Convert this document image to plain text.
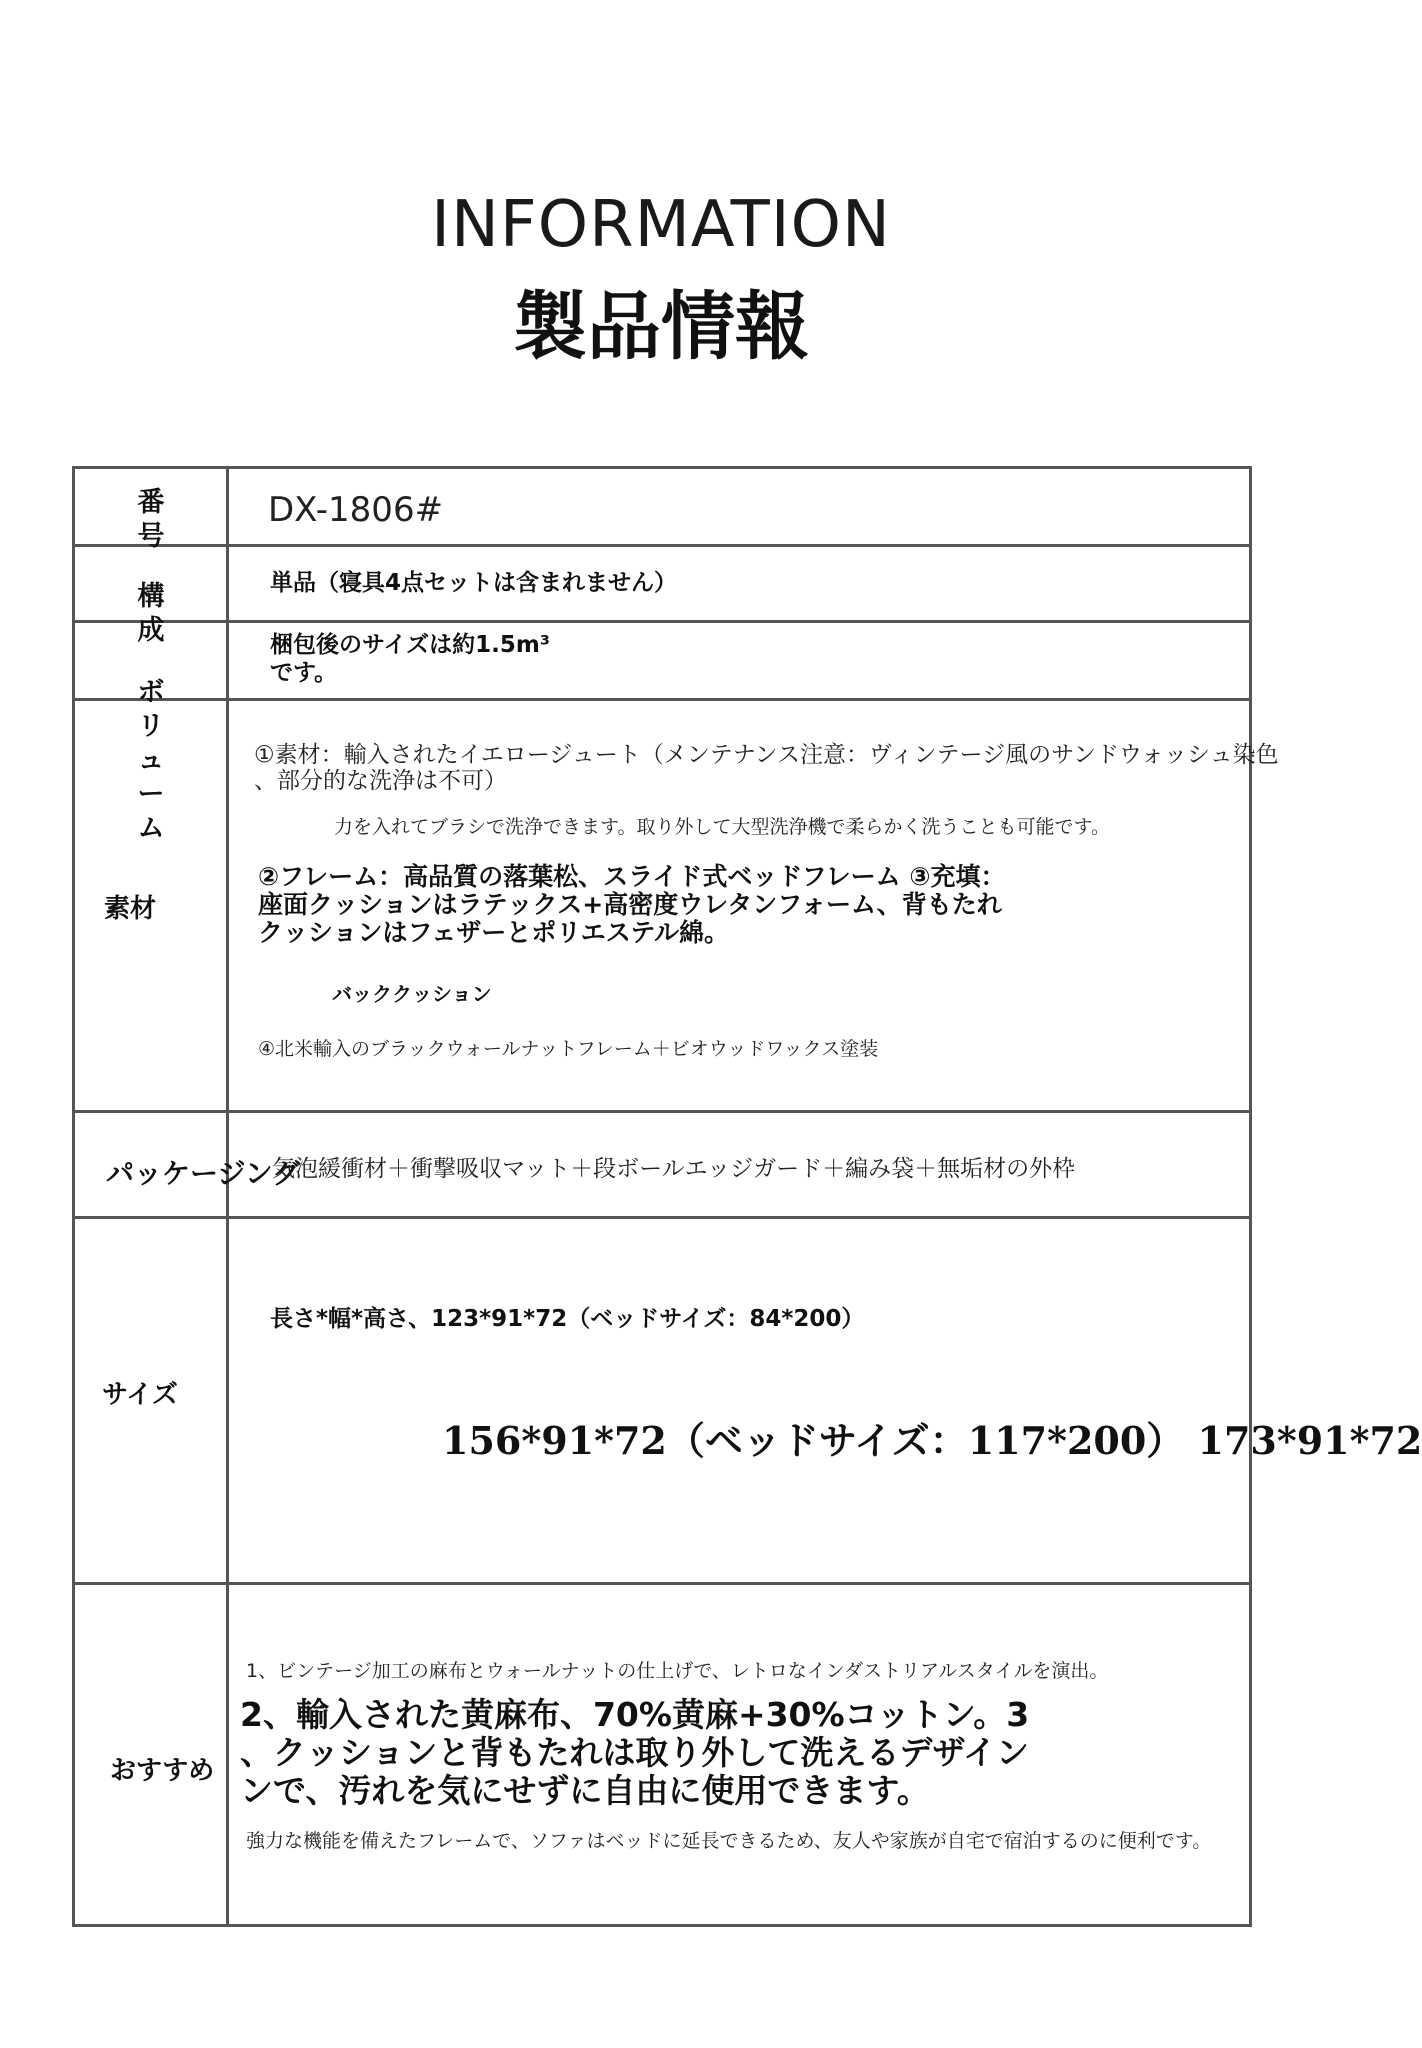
INFORMATION
製品情報
番号
DX-1806#
構成
単品（寝具4点セットは含まれません）
ボリューム
梱包後のサイズは約1.5m³
です。
素材
①素材：輸入されたイエロージュート（メンテナンス注意：ヴィンテージ風のサンドウォッシュ染色
、部分的な洗浄は不可）
力を入れてブラシで洗浄できます。取り外して大型洗浄機で柔らかく洗うことも可能です。
②フレーム：高品質の落葉松、スライド式ベッドフレーム ③充填：
座面クッションはラテックス+高密度ウレタンフォーム、背もたれ
クッションはフェザーとポリエステル綿。
バッククッション
④北米輸入のブラックウォールナットフレーム＋ビオウッドワックス塗装
パッケージング
気泡緩衝材＋衝撃吸収マット＋段ボールエッジガード＋編み袋＋無垢材の外枠
サイズ
長さ*幅*高さ、123*91*72（ベッドサイズ：84*200）
156*91*72（ベッドサイズ：117*200） 173*91*72
おすすめ
1、ビンテージ加工の麻布とウォールナットの仕上げで、レトロなインダストリアルスタイルを演出。
2、輸入された黄麻布、70%黄麻+30%コットン。3
、クッションと背もたれは取り外して洗えるデザイン
ンで、汚れを気にせずに自由に使用できます。
強力な機能を備えたフレームで、ソファはベッドに延長できるため、友人や家族が自宅で宿泊するのに便利です。
